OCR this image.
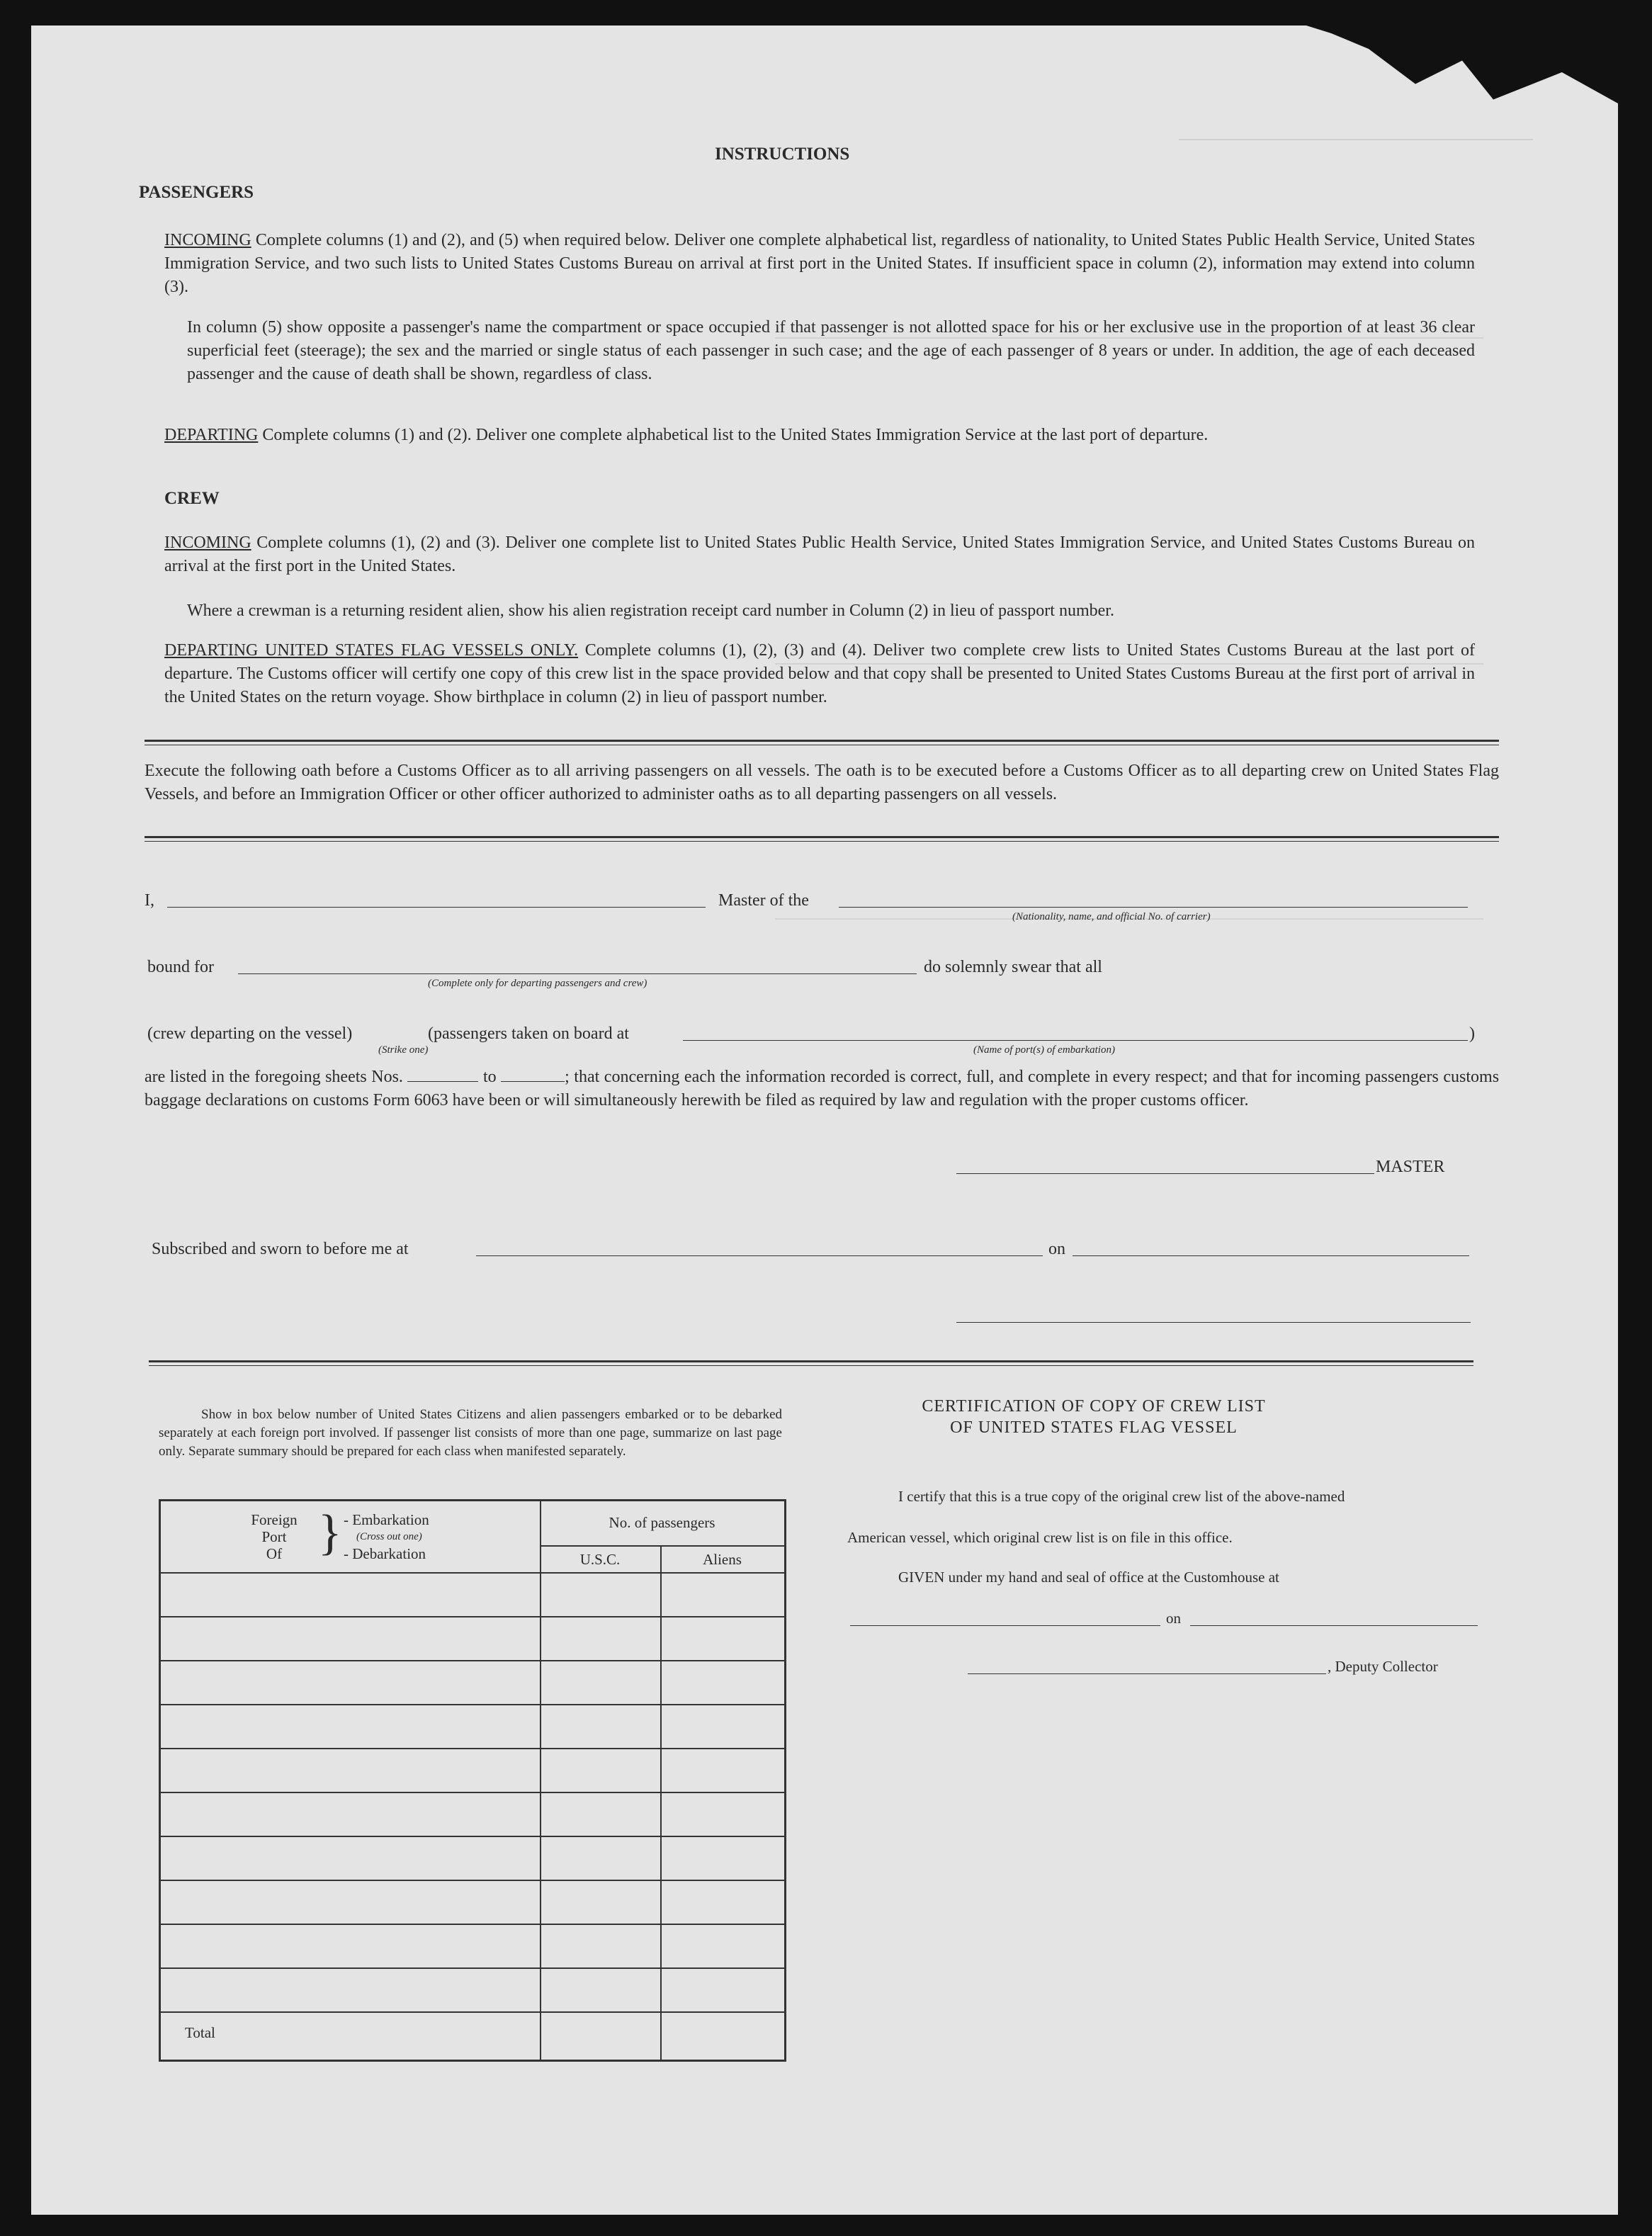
INSTRUCTIONS
PASSENGERS
INCOMING Complete columns (1) and (2), and (5) when required below. Deliver one complete alphabetical list, regardless of nationality, to United States Public Health Service, United States Immigration Service, and two such lists to United States Customs Bureau on arrival at first port in the United States. If insufficient space in column (2), information may extend into column (3).
In column (5) show opposite a passenger's name the compartment or space occupied if that passenger is not allotted space for his or her exclusive use in the proportion of at least 36 clear superficial feet (steerage); the sex and the married or single status of each passenger in such case; and the age of each passenger of 8 years or under. In addition, the age of each deceased passenger and the cause of death shall be shown, regardless of class.
DEPARTING Complete columns (1) and (2). Deliver one complete alphabetical list to the United States Immigration Service at the last port of departure.
CREW
INCOMING Complete columns (1), (2) and (3). Deliver one complete list to United States Public Health Service, United States Immigration Service, and United States Customs Bureau on arrival at the first port in the United States.
Where a crewman is a returning resident alien, show his alien registration receipt card number in Column (2) in lieu of passport number.
DEPARTING UNITED STATES FLAG VESSELS ONLY. Complete columns (1), (2), (3) and (4). Deliver two complete crew lists to United States Customs Bureau at the last port of departure. The Customs officer will certify one copy of this crew list in the space provided below and that copy shall be presented to United States Customs Bureau at the first port of arrival in the United States on the return voyage. Show birthplace in column (2) in lieu of passport number.
Execute the following oath before a Customs Officer as to all arriving passengers on all vessels. The oath is to be executed before a Customs Officer as to all departing crew on United States Flag Vessels, and before an Immigration Officer or other officer authorized to administer oaths as to all departing passengers on all vessels.
I,	Master of the
(Nationality, name, and official No. of carrier)
bound for
(Complete only for departing passengers and crew)
do solemnly swear that all
(crew departing on the vessel)	(passengers taken on board at	)
(Strike one)	(Name of port(s) of embarkation)
are listed in the foregoing sheets Nos.	to	; that concerning each the information recorded is correct, full, and complete in every respect; and that for incoming passengers customs baggage declarations on customs Form 6063 have been or will simultaneously herewith be filed as required by law and regulation with the proper customs officer.
MASTER
Subscribed and sworn to before me at	on
Show in box below number of United States Citizens and alien passengers embarked or to be debarked separately at each foreign port involved. If passenger list consists of more than one page, summarize on last page only. Separate summary should be prepared for each class when manifested separately.
Foreign
Port
Of } - Embarkation
(Cross out one)
- Debarkation
No. of passengers
U.S.C.	Aliens
Total
CERTIFICATION OF COPY OF CREW LIST
OF UNITED STATES FLAG VESSEL
I certify that this is a true copy of the original crew list of the above-named
American vessel, which original crew list is on file in this office.
GIVEN under my hand and seal of office at the Customhouse at
on
, Deputy Collector
